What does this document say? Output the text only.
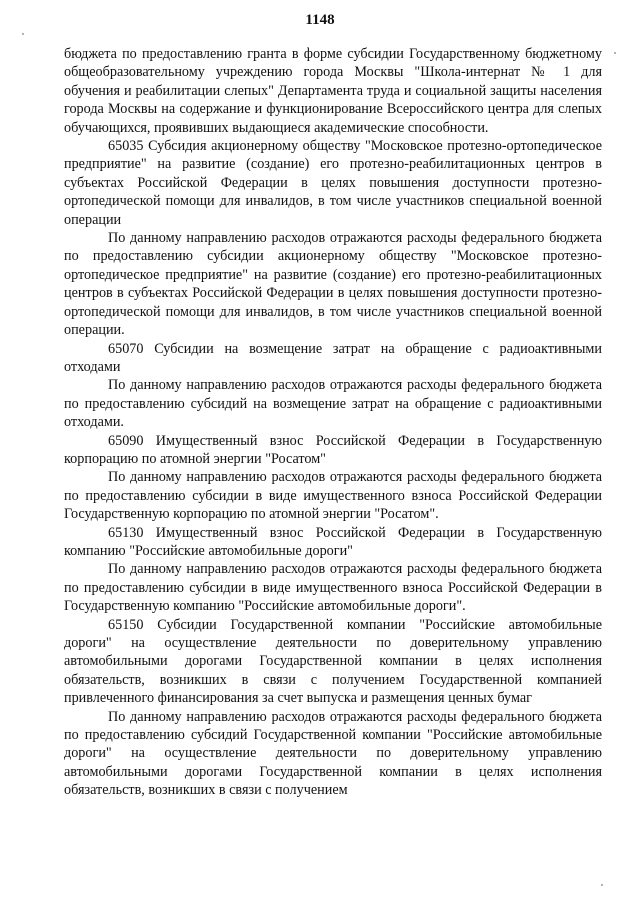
1148

бюджета по предоставлению гранта в форме субсидии Государственному бюджетному общеобразовательному учреждению города Москвы "Школа-интернат № 1 для обучения и реабилитации слепых" Департамента труда и социальной защиты населения города Москвы на содержание и функционирование Всероссийского центра для слепых обучающихся, проявивших выдающиеся академические способности.

65035 Субсидия акционерному обществу "Московское протезно-ортопедическое предприятие" на развитие (создание) его протезно-реабилитационных центров в субъектах Российской Федерации в целях повышения доступности протезно-ортопедической помощи для инвалидов, в том числе участников специальной военной операции

По данному направлению расходов отражаются расходы федерального бюджета по предоставлению субсидии акционерному обществу "Московское протезно-ортопедическое предприятие" на развитие (создание) его протезно-реабилитационных центров в субъектах Российской Федерации в целях повышения доступности протезно-ортопедической помощи для инвалидов, в том числе участников специальной военной операции.

65070 Субсидии на возмещение затрат на обращение с радиоактивными отходами

По данному направлению расходов отражаются расходы федерального бюджета по предоставлению субсидий на возмещение затрат на обращение с радиоактивными отходами.

65090 Имущественный взнос Российской Федерации в Государственную корпорацию по атомной энергии "Росатом"

По данному направлению расходов отражаются расходы федерального бюджета по предоставлению субсидии в виде имущественного взноса Российской Федерации Государственную корпорацию по атомной энергии "Росатом".

65130 Имущественный взнос Российской Федерации в Государственную компанию "Российские автомобильные дороги"

По данному направлению расходов отражаются расходы федерального бюджета по предоставлению субсидии в виде имущественного взноса Российской Федерации в Государственную компанию "Российские автомобильные дороги".

65150 Субсидии Государственной компании "Российские автомобильные дороги" на осуществление деятельности по доверительному управлению автомобильными дорогами Государственной компании в целях исполнения обязательств, возникших в связи с получением Государственной компанией привлеченного финансирования за счет выпуска и размещения ценных бумаг

По данному направлению расходов отражаются расходы федерального бюджета по предоставлению субсидий Государственной компании "Российские автомобильные дороги" на осуществление деятельности по доверительному управлению автомобильными дорогами Государственной компании в целях исполнения обязательств, возникших в связи с получением
